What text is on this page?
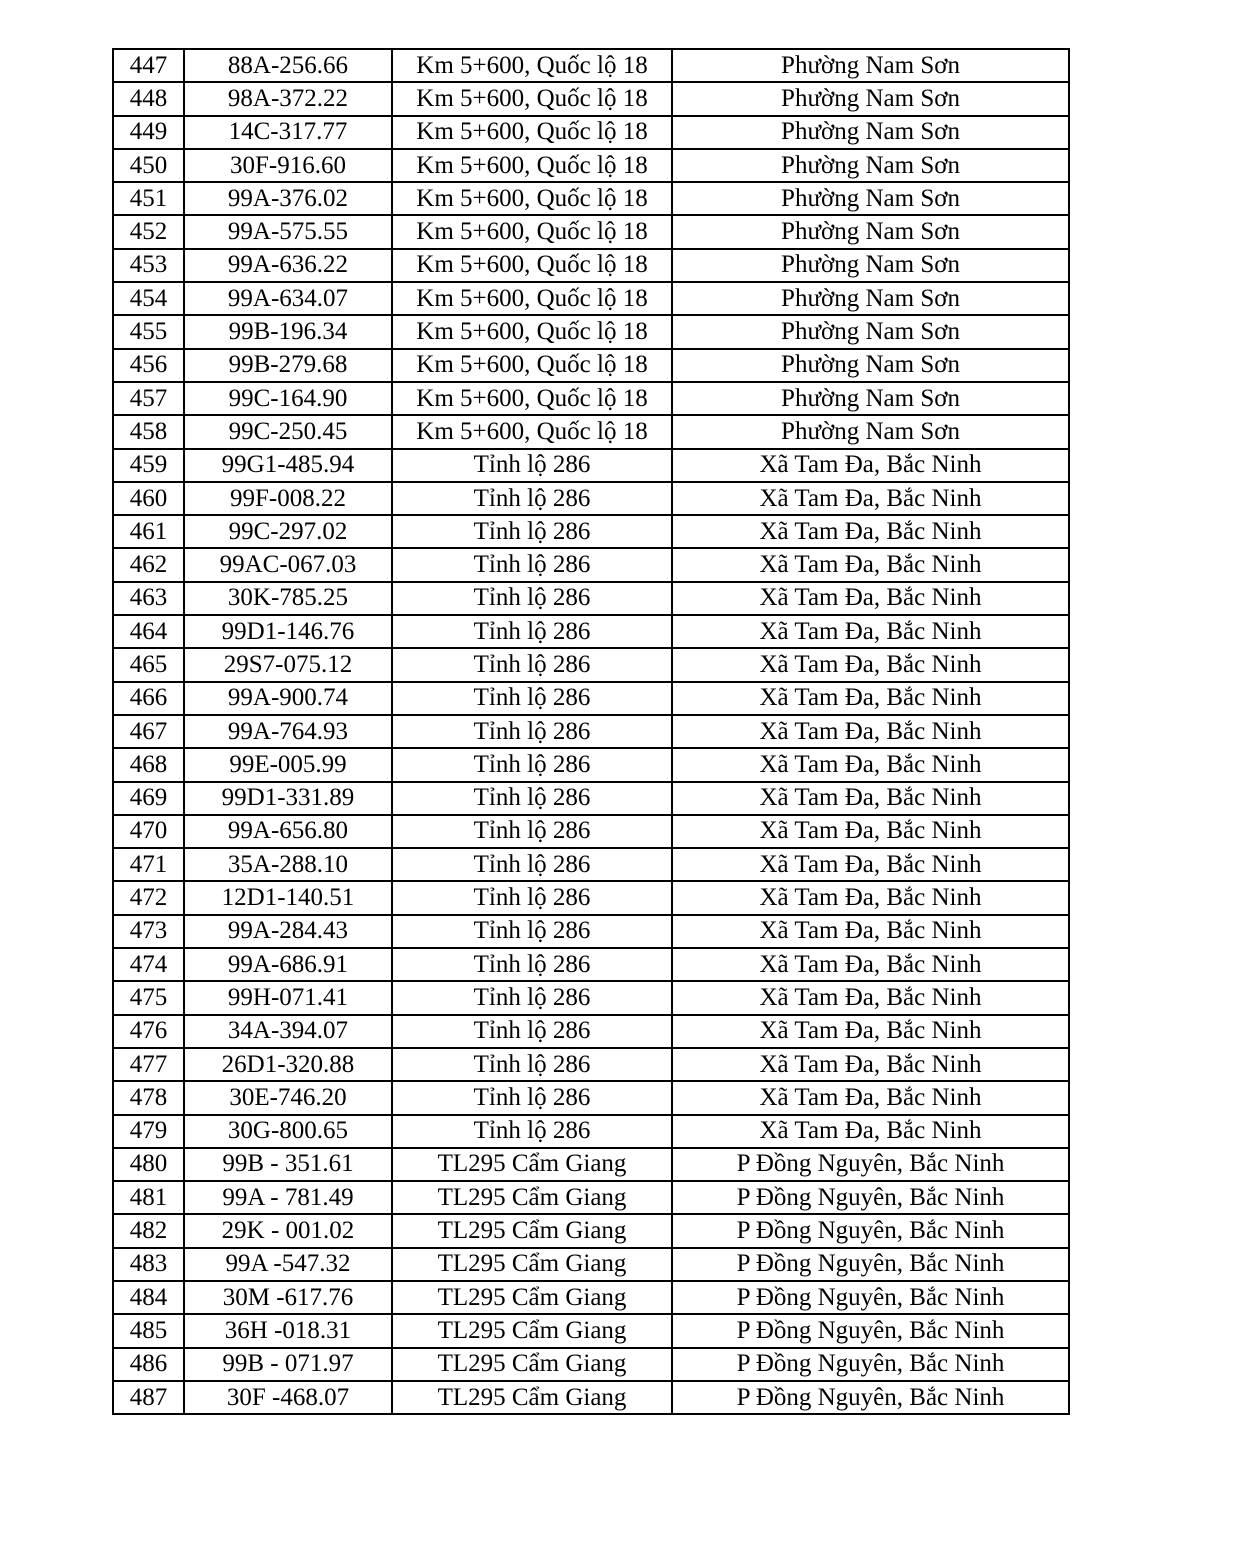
447	88A-256.66	Km 5+600, Quốc lộ 18	Phường Nam Sơn
448	98A-372.22	Km 5+600, Quốc lộ 18	Phường Nam Sơn
449	14C-317.77	Km 5+600, Quốc lộ 18	Phường Nam Sơn
450	30F-916.60	Km 5+600, Quốc lộ 18	Phường Nam Sơn
451	99A-376.02	Km 5+600, Quốc lộ 18	Phường Nam Sơn
452	99A-575.55	Km 5+600, Quốc lộ 18	Phường Nam Sơn
453	99A-636.22	Km 5+600, Quốc lộ 18	Phường Nam Sơn
454	99A-634.07	Km 5+600, Quốc lộ 18	Phường Nam Sơn
455	99B-196.34	Km 5+600, Quốc lộ 18	Phường Nam Sơn
456	99B-279.68	Km 5+600, Quốc lộ 18	Phường Nam Sơn
457	99C-164.90	Km 5+600, Quốc lộ 18	Phường Nam Sơn
458	99C-250.45	Km 5+600, Quốc lộ 18	Phường Nam Sơn
459	99G1-485.94	Tỉnh lộ 286	Xã Tam Đa, Bắc Ninh
460	99F-008.22	Tỉnh lộ 286	Xã Tam Đa, Bắc Ninh
461	99C-297.02	Tỉnh lộ 286	Xã Tam Đa, Bắc Ninh
462	99AC-067.03	Tỉnh lộ 286	Xã Tam Đa, Bắc Ninh
463	30K-785.25	Tỉnh lộ 286	Xã Tam Đa, Bắc Ninh
464	99D1-146.76	Tỉnh lộ 286	Xã Tam Đa, Bắc Ninh
465	29S7-075.12	Tỉnh lộ 286	Xã Tam Đa, Bắc Ninh
466	99A-900.74	Tỉnh lộ 286	Xã Tam Đa, Bắc Ninh
467	99A-764.93	Tỉnh lộ 286	Xã Tam Đa, Bắc Ninh
468	99E-005.99	Tỉnh lộ 286	Xã Tam Đa, Bắc Ninh
469	99D1-331.89	Tỉnh lộ 286	Xã Tam Đa, Bắc Ninh
470	99A-656.80	Tỉnh lộ 286	Xã Tam Đa, Bắc Ninh
471	35A-288.10	Tỉnh lộ 286	Xã Tam Đa, Bắc Ninh
472	12D1-140.51	Tỉnh lộ 286	Xã Tam Đa, Bắc Ninh
473	99A-284.43	Tỉnh lộ 286	Xã Tam Đa, Bắc Ninh
474	99A-686.91	Tỉnh lộ 286	Xã Tam Đa, Bắc Ninh
475	99H-071.41	Tỉnh lộ 286	Xã Tam Đa, Bắc Ninh
476	34A-394.07	Tỉnh lộ 286	Xã Tam Đa, Bắc Ninh
477	26D1-320.88	Tỉnh lộ 286	Xã Tam Đa, Bắc Ninh
478	30E-746.20	Tỉnh lộ 286	Xã Tam Đa, Bắc Ninh
479	30G-800.65	Tỉnh lộ 286	Xã Tam Đa, Bắc Ninh
480	99B - 351.61	TL295 Cẩm Giang	P Đồng Nguyên, Bắc Ninh
481	99A - 781.49	TL295 Cẩm Giang	P Đồng Nguyên, Bắc Ninh
482	29K - 001.02	TL295 Cẩm Giang	P Đồng Nguyên, Bắc Ninh
483	99A -547.32	TL295 Cẩm Giang	P Đồng Nguyên, Bắc Ninh
484	30M -617.76	TL295 Cẩm Giang	P Đồng Nguyên, Bắc Ninh
485	36H -018.31	TL295 Cẩm Giang	P Đồng Nguyên, Bắc Ninh
486	99B - 071.97	TL295 Cẩm Giang	P Đồng Nguyên, Bắc Ninh
487	30F -468.07	TL295 Cẩm Giang	P Đồng Nguyên, Bắc Ninh
